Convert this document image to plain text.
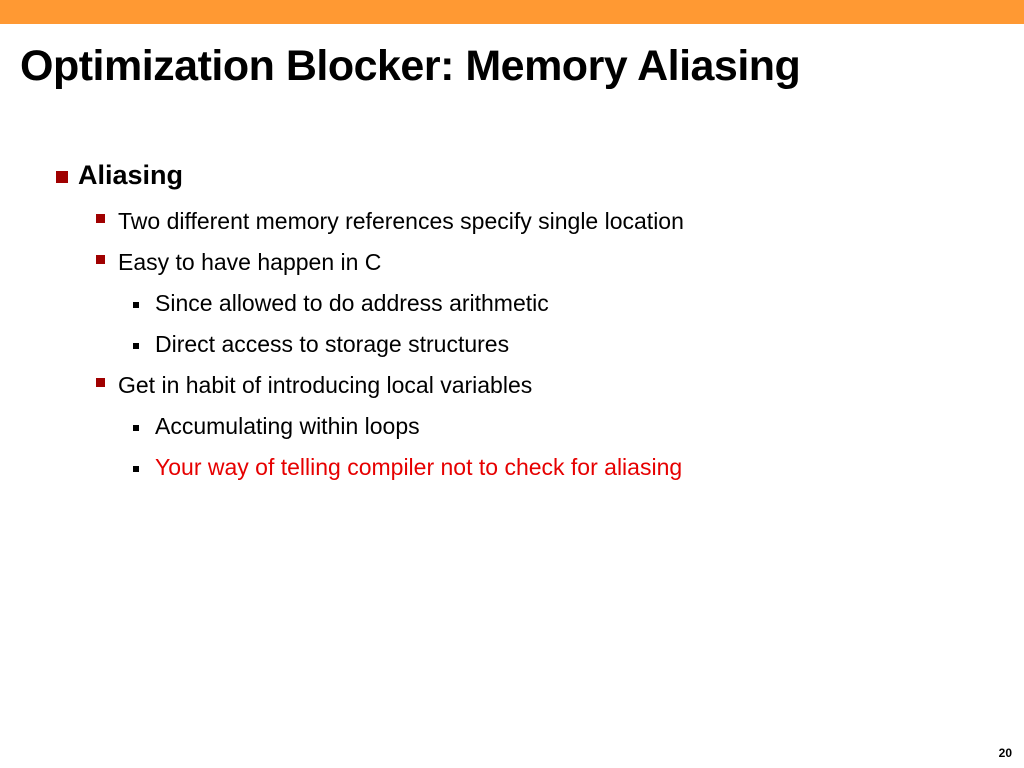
Optimization Blocker: Memory Aliasing
Aliasing
Two different memory references specify single location
Easy to have happen in C
Since allowed to do address arithmetic
Direct access to storage structures
Get in habit of introducing local variables
Accumulating within loops
Your way of telling compiler not to check for aliasing
20
